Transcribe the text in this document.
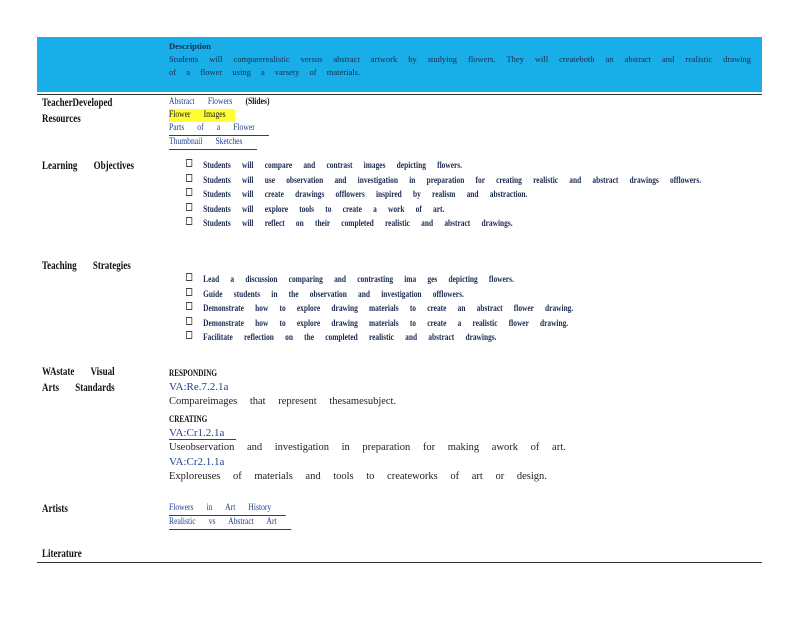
Description
Students will comparerealistic versus abstract artwork by studying flowers. They will createboth an abstract and realistic drawing of a flower using a varsety of materials.
TeacherDeveloped
Resources
Abstract Flowers (Slides)
Flower Images
Parts of a Flower
Thumbnail Sketches
Learning Objectives	Students will compare and contrast images depicting flowers.
Students will use observation and investigation in preparation for creating realistic and abstract drawings offlowers.
Students will create drawings offlowers inspired by realism and abstraction.
Students will explore tools to create a work of art.
Students will reflect on their completed realistic and abstract drawings.
Teaching Strategies
Lead a discussion comparing and contrasting ima ges depicting flowers.
Guide students in the observation and investigation offlowers.
Demonstrate how to explore drawing materials to create an abstract flower drawing.
Demonstrate how to explore drawing materials to create a realistic flower drawing.
Facilitate reflection on the completed realistic and abstract drawings.
WAstate Visual
Arts Standards
RESPONDING
VA:Re.7.2.1a
Compareimages that represent thesamesubject.
CREATING
VA:Cr1.2.1a
Useobservation and investigation in preparation for making awork of art.
VA:Cr2.1.1a
Exploreuses of materials and tools to createworks of art or design.
Artists	Flowers in Art History
Realistic vs Abstract Art
Literature
